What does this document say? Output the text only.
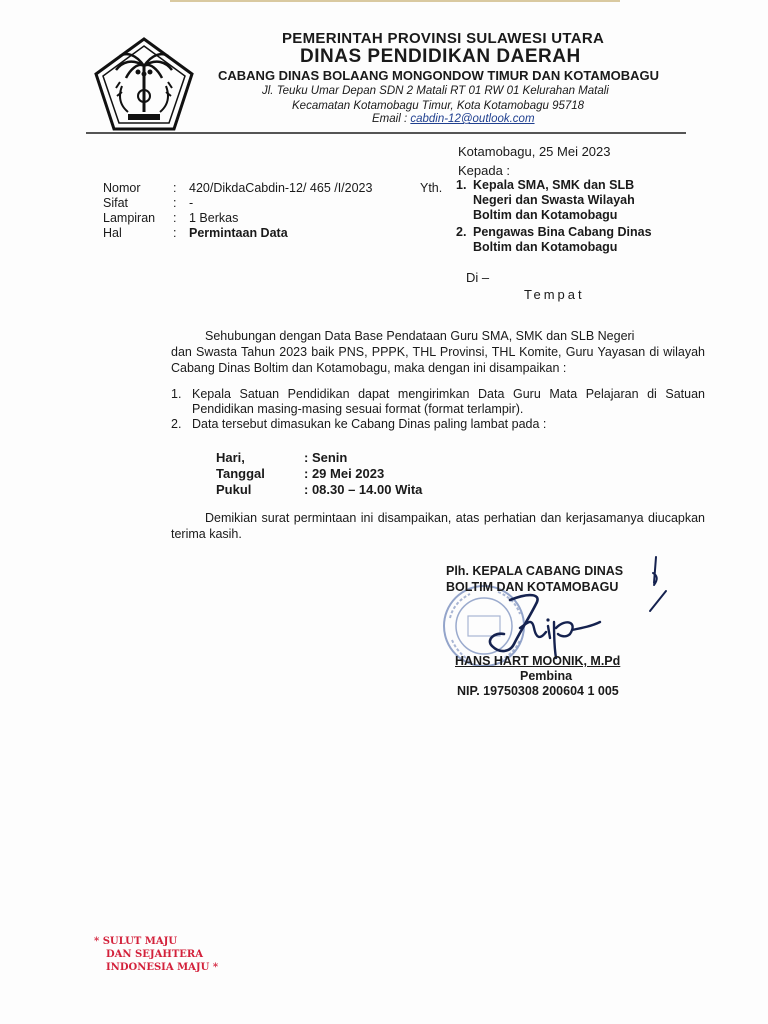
PEMERINTAH PROVINSI SULAWESI UTARA
DINAS PENDIDIKAN DAERAH
CABANG DINAS BOLAANG MONGONDOW TIMUR DAN KOTAMOBAGU
Jl. Teuku Umar Depan SDN 2 Matali RT 01 RW 01 Kelurahan Matali
Kecamatan Kotamobagu Timur, Kota Kotamobagu 95718
Email : cabdin-12@outlook.com
Kotamobagu, 25 Mei 2023
Nomor	:	420/DikdaCabdin-12/ 465 /I/2023
Sifat	:	-
Lampiran	:	1 Berkas
Hal	:	Permintaan Data
Kepada :
Yth. 1. Kepala SMA, SMK dan SLB
Negeri dan Swasta Wilayah
Boltim dan Kotamobagu
2. Pengawas Bina Cabang Dinas
Boltim dan Kotamobagu
Di –
Tempat
Sehubungan dengan Data Base Pendataan Guru SMA, SMK dan SLB Negeri
dan Swasta Tahun 2023 baik PNS, PPPK, THL Provinsi, THL Komite, Guru Yayasan di wilayah Cabang Dinas Boltim dan Kotamobagu, maka dengan ini disampaikan :
1. Kepala Satuan Pendidikan dapat mengirimkan Data Guru Mata Pelajaran di Satuan Pendidikan masing-masing sesuai format (format terlampir).
2. Data tersebut dimasukan ke Cabang Dinas paling lambat pada :
Hari,	: Senin
Tanggal	: 29 Mei 2023
Pukul	: 08.30 – 14.00 Wita
Demikian surat permintaan ini disampaikan, atas perhatian dan kerjasamanya diucapkan terima kasih.
Plh. KEPALA CABANG DINAS
BOLTIM DAN KOTAMOBAGU
HANS HART MOONIK, M.Pd
Pembina
NIP. 19750308 200604 1 005
* SULUT MAJU
DAN SEJAHTERA
INDONESIA MAJU *
